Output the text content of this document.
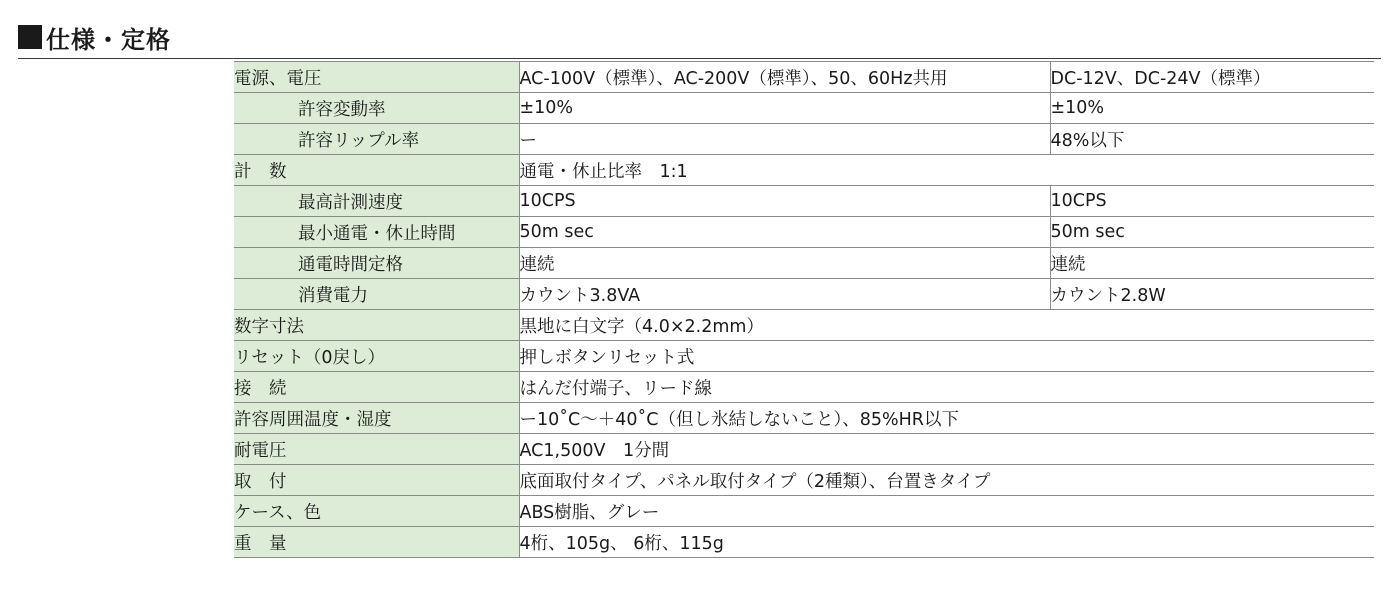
仕様・定格
電源、電圧	AC-100V（標準）、AC-200V（標準）、50、60Hz共用	DC-12V、DC-24V（標準）
許容変動率	±10%	±10%
許容リップル率	ー	48%以下
計　数	通電・休止比率　1:1	
最高計測速度	10CPS	10CPS
最小通電・休止時間	50m sec	50m sec
通電時間定格	連続	連続
消費電力	カウント3.8VA	カウント2.8W
数字寸法	黒地に白文字（4.0×2.2mm）	
リセット（0戻し）	押しボタンリセット式	
接　続	はんだ付端子、リード線	
許容周囲温度・湿度	ー10˚C〜＋40˚C（但し氷結しないこと）、85%HR以下	
耐電圧	AC1,500V　1分間	
取　付	底面取付タイプ、パネル取付タイプ（2種類）、台置きタイプ	
ケース、色	ABS樹脂、グレー	
重　量	4桁、105g、 6桁、115g	
